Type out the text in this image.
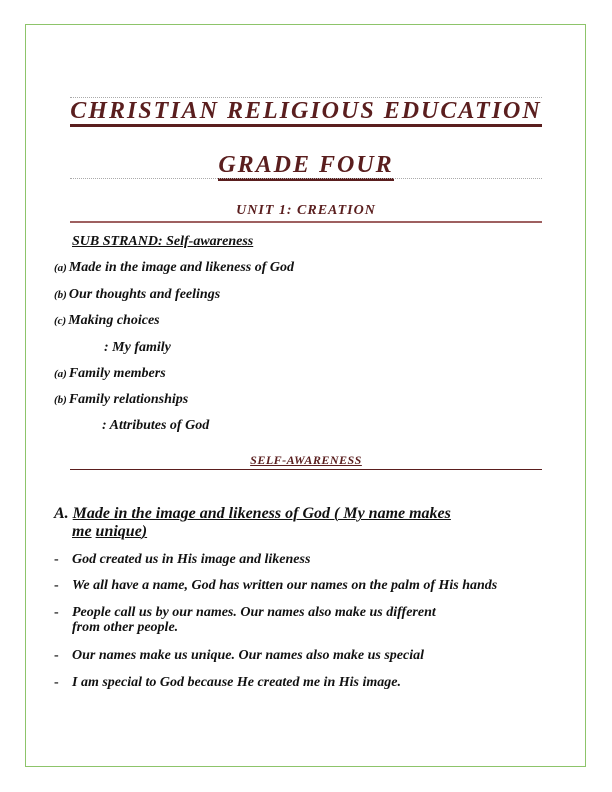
CHRISTIAN RELIGIOUS EDUCATION
GRADE FOUR
UNIT 1: CREATION
SUB STRAND: Self-awareness
(a) Made in the image and likeness of God
(b) Our thoughts and feelings
(c) Making choices
: My family
(a) Family members
(b) Family relationships
: Attributes of God
SELF-AWARENESS
A. Made in the image and likeness of God ( My name makes
me unique)
- God created us in His image and likeness
- We all have a name, God has written our names on the palm of His hands
- People call us by our names. Our names also make us different
from other people.
- Our names make us unique. Our names also make us special
- I am special to God because He created me in His image.
